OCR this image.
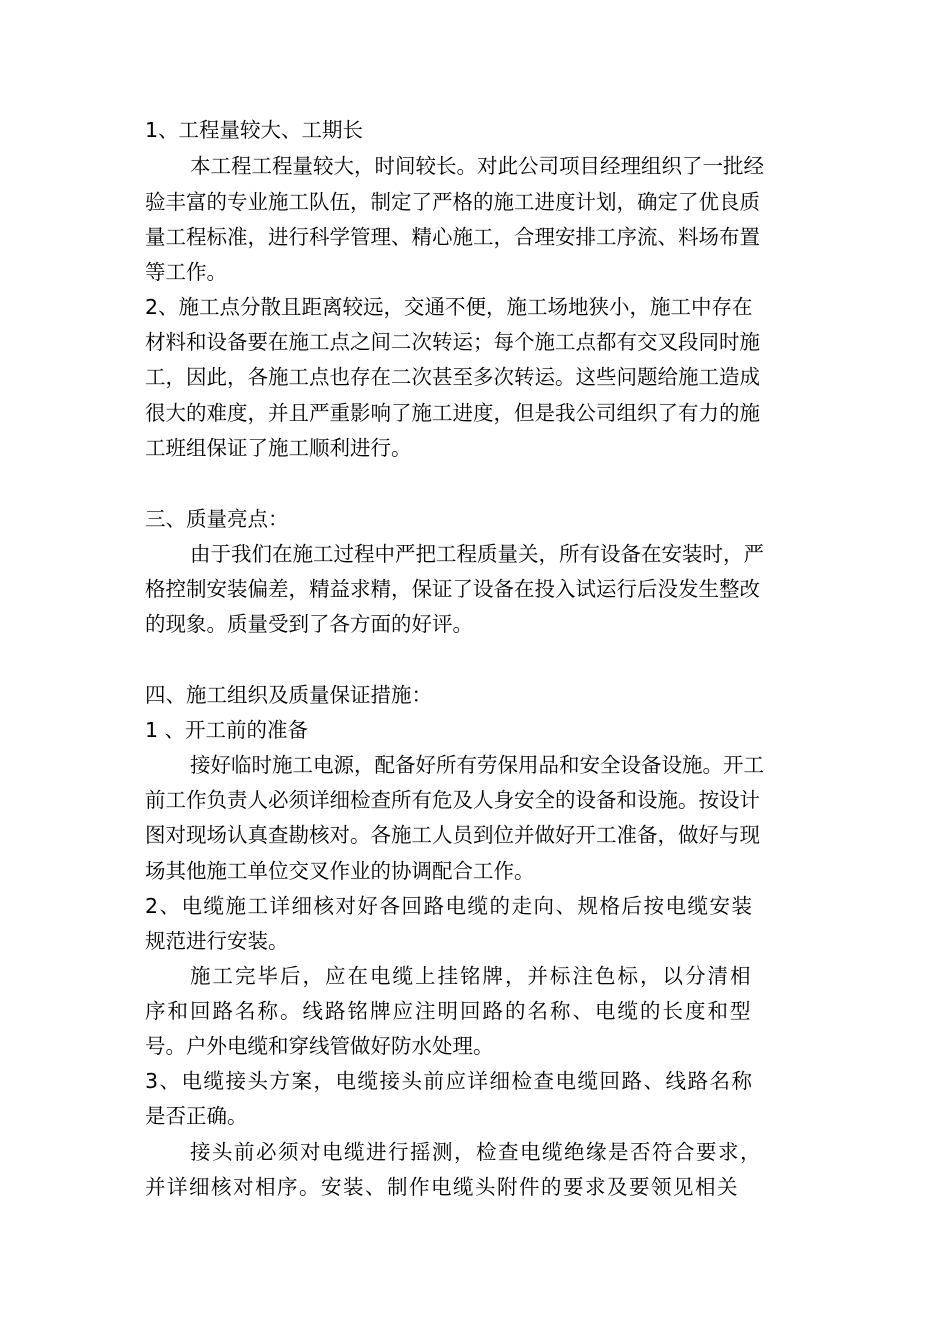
1、工程量较大、工期长
本工程工程量较大，时间较长。对此公司项目经理组织了一批经
验丰富的专业施工队伍，制定了严格的施工进度计划，确定了优良质
量工程标准，进行科学管理、精心施工，合理安排工序流、料场布置
等工作。
2、施工点分散且距离较远，交通不便，施工场地狭小，施工中存在
材料和设备要在施工点之间二次转运；每个施工点都有交叉段同时施
工，因此，各施工点也存在二次甚至多次转运。这些问题给施工造成
很大的难度，并且严重影响了施工进度，但是我公司组织了有力的施
工班组保证了施工顺利进行。
三、质量亮点：
由于我们在施工过程中严把工程质量关，所有设备在安装时，严
格控制安装偏差，精益求精，保证了设备在投入试运行后没发生整改
的现象。质量受到了各方面的好评。
四、施工组织及质量保证措施：
1 、开工前的准备
接好临时施工电源，配备好所有劳保用品和安全设备设施。开工
前工作负责人必须详细检查所有危及人身安全的设备和设施。按设计
图对现场认真查勘核对。各施工人员到位并做好开工准备，做好与现
场其他施工单位交叉作业的协调配合工作。
2、电缆施工详细核对好各回路电缆的走向、规格后按电缆安装
规范进行安装。
施工完毕后，应在电缆上挂铭牌，并标注色标，以分清相
序和回路名称。线路铭牌应注明回路的名称、电缆的长度和型
号。户外电缆和穿线管做好防水处理。
3、电缆接头方案，电缆接头前应详细检查电缆回路、线路名称
是否正确。
接头前必须对电缆进行摇测，检查电缆绝缘是否符合要求，
并详细核对相序。安装、制作电缆头附件的要求及要领见相关
